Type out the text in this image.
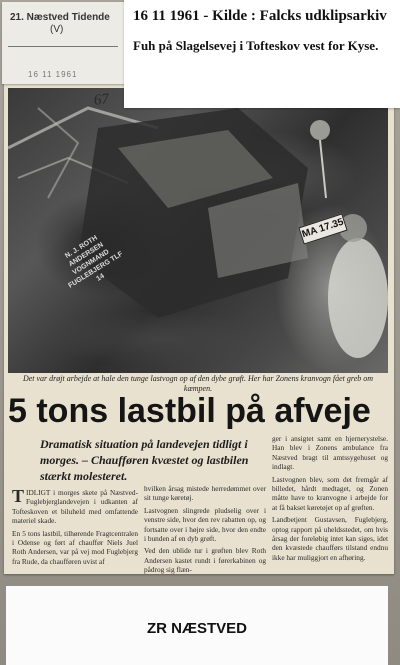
67
N. J. ROTH ANDERSEN VOGNMAND FUGLEBJERG TLF 14
MA 17.35
Det var drøjt arbejde at hale den tunge lastvogn op af den dybe grøft. Her har Zonens kranvogn fået greb om kæmpen.
5 tons lastbil på afveje
Dramatisk situation på landevejen tidligt i morges. – Chaufføren kvæstet og lastbilen stærkt molesteret.

TIDLIGT i morges skete på Næstved-Fuglebjerglandevejen i udkanten af Tofteskoven et biluheld med omfattende materiel skade.

En 5 tons lastbil, tilhørende Fragtcentralen i Odense og ført af chauffør Niels Juel Roth Andersen, var på vej mod Fuglebjerg fra Rude, da chaufføren uvist af

hvilken årsag mistede herredømmet over sit tunge køretøj.

Lastvognen slingrede pludselig over i venstre side, hvor den rev rabatten op, og fortsatte over i højre side, hvor den endte i bunden af en dyb grøft.

Ved den ublide tur i grøften blev Roth Andersen kastet rundt i førerkabinen og pådrog sig flæn-

ger i ansigtet samt en hjernerystelse. Han blev i Zonens ambulance fra Næstved bragt til amtssygehuset og indlagt.

Lastvognen blev, som det fremgår af billedet, hårdt medtaget, og Zonen måtte have to kranvogne i arbejde for at få bakset køretøjet op af grøften.

Landbetjent Gustavsen, Fuglebjerg, optog rapport på uheldsstedet, om hvis årsag der foreløbig intet kan siges, idet den kvæstede chaufførs tilstand endnu ikke har muliggjort en afhøring.

21. Næstved Tidende
(V)
16 11 1961
16 11 1961 - Kilde : Falcks udklipsarkiv
Fuh på Slagelsevej i Tofteskov vest for Kyse.
ZR NÆSTVED
